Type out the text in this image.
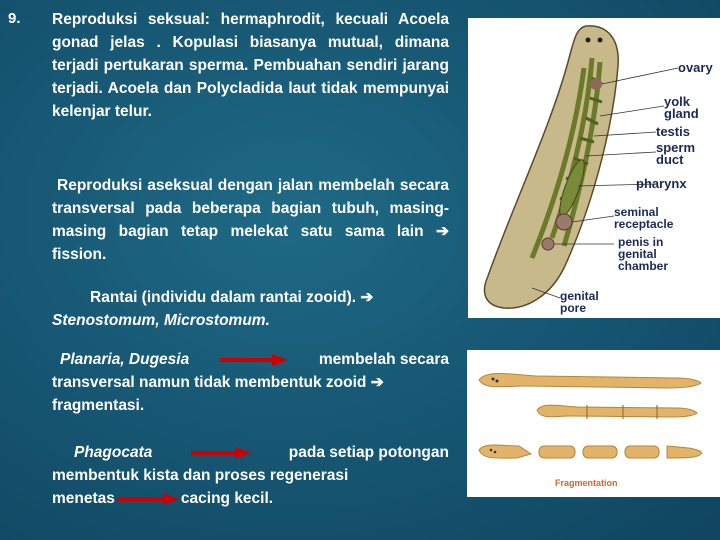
9. Reproduksi seksual: hermaphrodit, kecuali Acoela gonad jelas . Kopulasi biasanya mutual, dimana terjadi pertukaran sperma. Pembuahan sendiri jarang terjadi. Acoela dan Polycladida laut tidak mempunyai kelenjar telur.
Reproduksi aseksual dengan jalan membelah secara transversal pada beberapa bagian tubuh, masing-masing bagian tetap melekat satu sama lain ➔ fission.
Rantai (individu dalam rantai zooid). ➔
Stenostomum, Microstomum.
Planaria, Dugesia	membelah secara
transversal namun tidak membentuk zooid ➔
fragmentasi.
Phagocata	pada setiap potongan
membentuk kista dan proses regenerasi
menetas	cacing kecil.
ovary
yolk
gland
testis
sperm
duct
pharynx
seminal
receptacle
penis in
genital
chamber
genital
pore
Fragmentation
